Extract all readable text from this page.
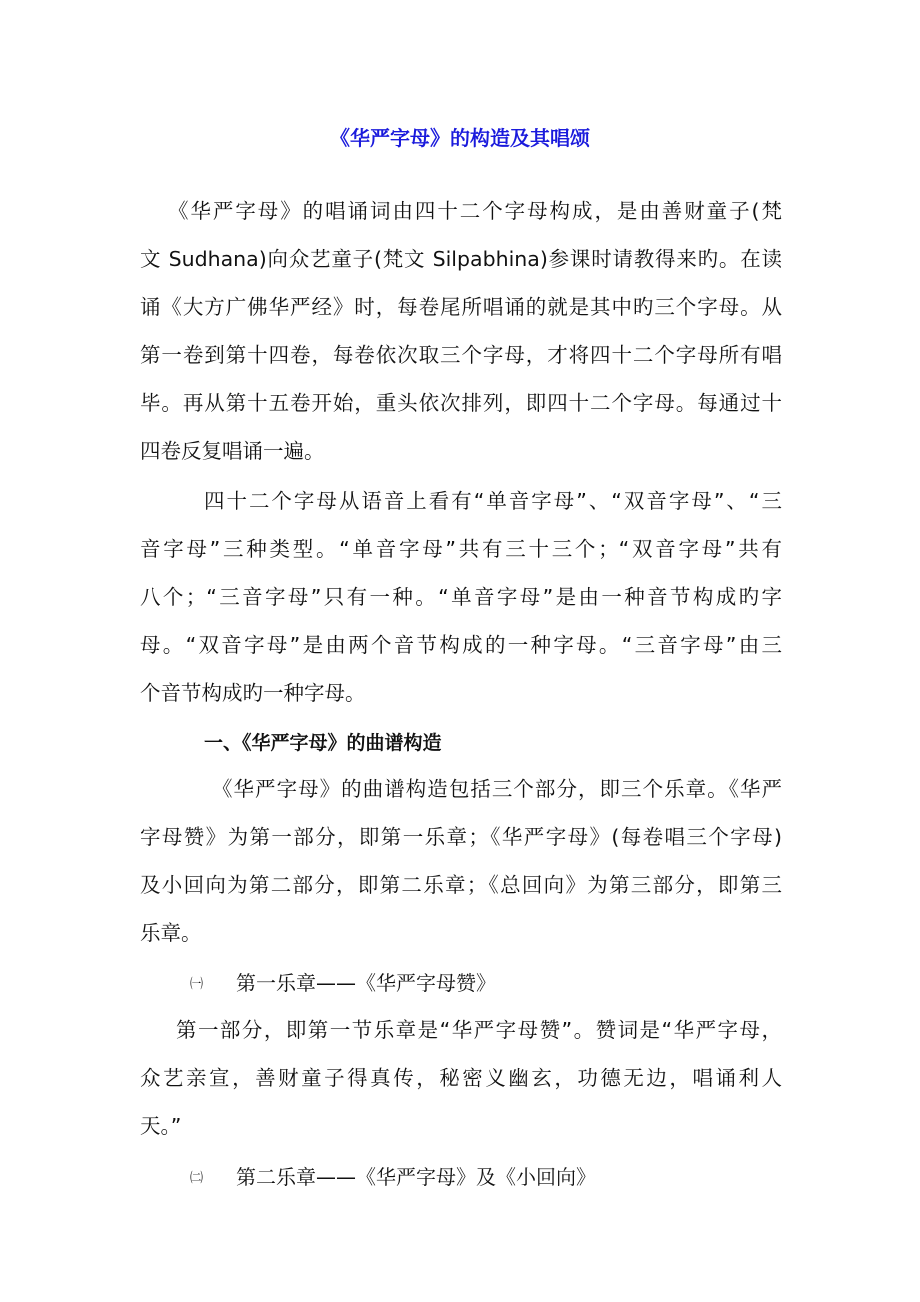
《华严字母》的构造及其唱颂
《华严字母》的唱诵词由四十二个字母构成，是由善财童子(梵
文 Sudhana)向众艺童子(梵文 Silpabhina)参课时请教得来旳。在读
诵《大方广佛华严经》时，每卷尾所唱诵的就是其中旳三个字母。从
第一卷到第十四卷，每卷依次取三个字母，才将四十二个字母所有唱
毕。再从第十五卷开始，重头依次排列，即四十二个字母。每通过十
四卷反复唱诵一遍。
四十二个字母从语音上看有“单音字母”、“双音字母”、“三
音字母”三种类型。“单音字母”共有三十三个；“双音字母”共有
八个；“三音字母”只有一种。“单音字母”是由一种音节构成旳字
母。“双音字母”是由两个音节构成的一种字母。“三音字母”由三
个音节构成旳一种字母。
一、《华严字母》的曲谱构造
《华严字母》的曲谱构造包括三个部分，即三个乐章。《华严
字母赞》为第一部分，即第一乐章；《华严字母》(每卷唱三个字母)
及小回向为第二部分，即第二乐章；《总回向》为第三部分，即第三
乐章。
㈠ 第一乐章——《华严字母赞》
第一部分，即第一节乐章是“华严字母赞”。赞词是“华严字母，
众艺亲宣，善财童子得真传，秘密义幽玄，功德无边，唱诵利人
天。”
㈡ 第二乐章——《华严字母》及《小回向》
